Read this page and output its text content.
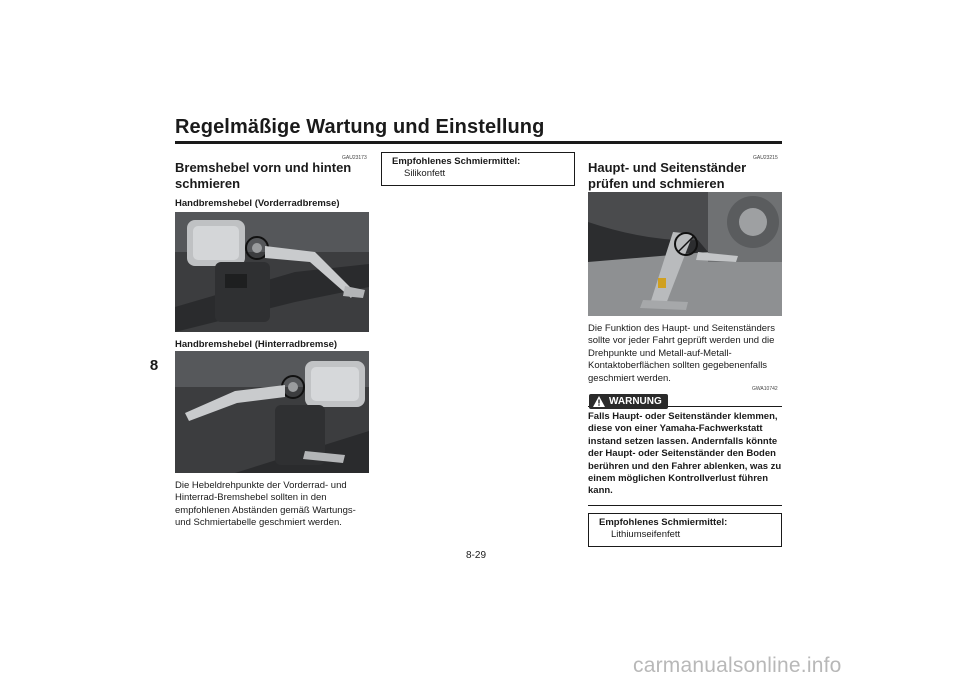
Regelmäßige Wartung und Einstellung
8
GAU23173
Bremshebel vorn und hinten schmieren
Handbremshebel (Vorderradbremse)
Handbremshebel (Hinterradbremse)
Die Hebeldrehpunkte der Vorderrad- und Hinterrad-Bremshebel sollten in den empfohlenen Abständen gemäß Wartungs- und Schmiertabelle geschmiert werden.
Empfohlenes Schmiermittel:
Silikonfett
GAU23215
Haupt- und Seitenständer prüfen und schmieren
Die Funktion des Haupt- und Seitenständers sollte vor jeder Fahrt geprüft werden und die Drehpunkte und Metall-auf-Metall-Kontaktoberflächen sollten gegebenenfalls geschmiert werden.
GWA10742
WARNUNG
Falls Haupt- oder Seitenständer klemmen, diese von einer Yamaha-Fachwerkstatt instand setzen lassen. Andernfalls könnte der Haupt- oder Seitenständer den Boden berühren und den Fahrer ablenken, was zu einem möglichen Kontrollverlust führen kann.
Empfohlenes Schmiermittel:
Lithiumseifenfett
8-29
carmanualsonline.info
